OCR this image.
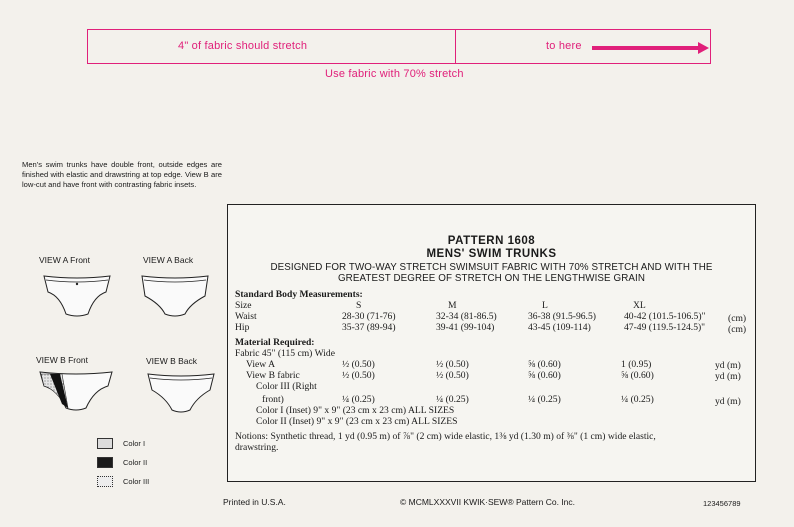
4" of fabric should stretch	to here
Use fabric with 70% stretch
Men's swim trunks have double front, outside edges are finished with elastic and drawstring at top edge. View B are low-cut and have front with contrasting fabric insets.
VIEW A Front	VIEW A Back
VIEW B Front	VIEW B Back
Color I
Color II
Color III
PATTERN 1608
MENS' SWIM TRUNKS
DESIGNED FOR TWO-WAY STRETCH SWIMSUIT FABRIC WITH 70% STRETCH AND WITH THE
GREATEST DEGREE OF STRETCH ON THE LENGTHWISE GRAIN
Standard Body Measurements:
Size	S	M	L	XL
Waist	28-30 (71-76)	32-34 (81-86.5)	36-38 (91.5-96.5)	40-42 (101.5-106.5)" (cm)
Hip	35-37 (89-94)	39-41 (99-104)	43-45 (109-114)	47-49 (119.5-124.5)" (cm)
Material Required:
Fabric 45" (115 cm) Wide
View A	½ (0.50)	½ (0.50)	⅝ (0.60)	1 (0.95)	yd (m)
View B fabric	½ (0.50)	½ (0.50)	⅝ (0.60)	⅝ (0.60)	yd (m)
Color III (Right
front)	¼ (0.25)	¼ (0.25)	¼ (0.25)	¼ (0.25)	yd (m)
Color I (Inset) 9" x 9" (23 cm x 23 cm) ALL SIZES
Color II (Inset) 9" x 9" (23 cm x 23 cm) ALL SIZES
Notions: Synthetic thread, 1 yd (0.95 m) of ⅞" (2 cm) wide elastic, 1⅜ yd (1.30 m) of ⅜" (1 cm) wide elastic,
drawstring.
Printed in U.S.A.	© MCMLXXXVII KWIK·SEW® Pattern Co. Inc.	123456789
